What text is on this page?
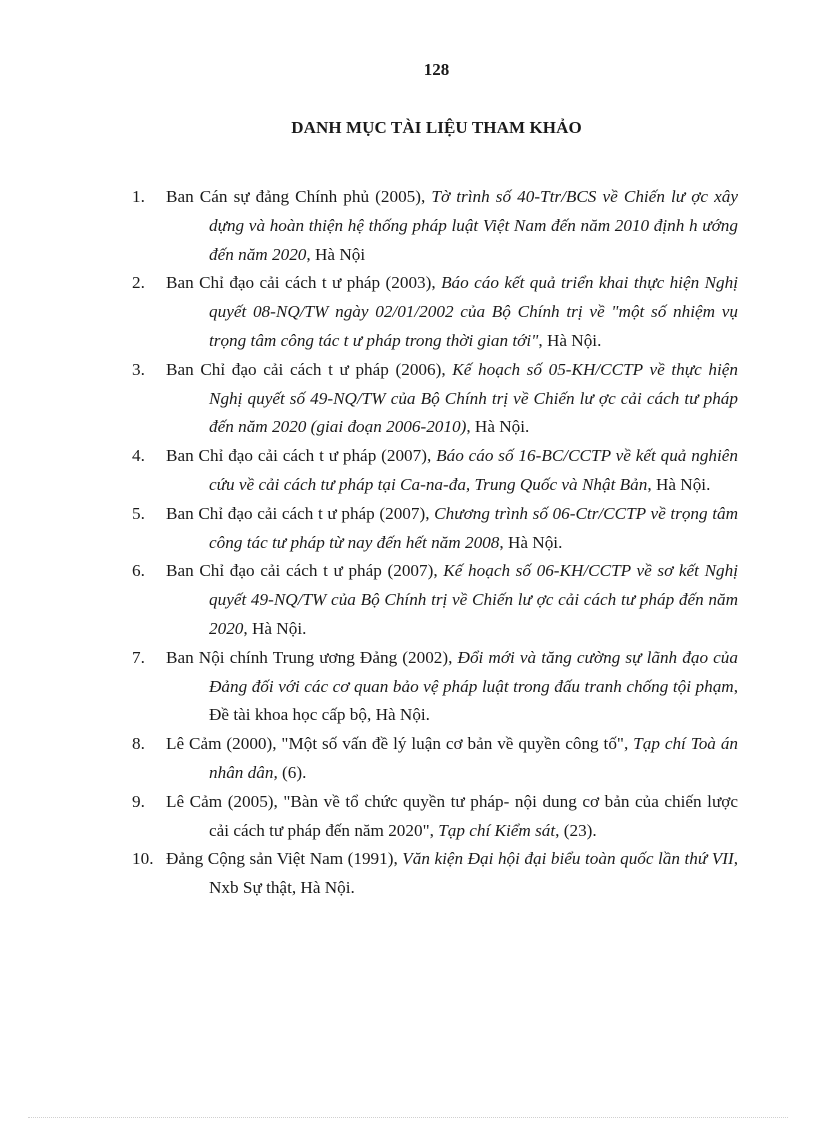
128
DANH MỤC TÀI LIỆU THAM KHẢO
1. Ban Cán sự đảng Chính phủ (2005), Tờ trình số 40-Ttr/BCS về Chiến lư ợc xây dựng và hoàn thiện hệ thống pháp luật Việt Nam đến năm 2010 định h ướng đến năm 2020, Hà Nội
2. Ban Chỉ đạo cải cách t ư pháp (2003), Báo cáo kết quả triển khai thực hiện Nghị quyết 08-NQ/TW ngày 02/01/2002 của Bộ Chính trị về "một số nhiệm vụ trọng tâm công tác t ư pháp trong thời gian tới", Hà Nội.
3. Ban Chỉ đạo cải cách t ư pháp (2006), Kế hoạch số 05-KH/CCTP về thực hiện Nghị quyết số 49-NQ/TW của Bộ Chính trị về Chiến lư ợc cải cách tư pháp đến năm 2020 (giai đoạn 2006-2010), Hà Nội.
4. Ban Chỉ đạo cải cách t ư pháp (2007), Báo cáo số 16-BC/CCTP về kết quả nghiên cứu về cải cách tư pháp tại Ca-na-đa, Trung Quốc và Nhật Bản, Hà Nội.
5. Ban Chỉ đạo cải cách t ư pháp (2007), Chương trình số 06-Ctr/CCTP về trọng tâm công tác tư pháp từ nay đến hết năm 2008, Hà Nội.
6. Ban Chỉ đạo cải cách t ư pháp (2007), Kế hoạch số 06-KH/CCTP về sơ kết Nghị quyết 49-NQ/TW của Bộ Chính trị về Chiến lư ợc cải cách tư pháp đến năm 2020, Hà Nội.
7. Ban Nội chính Trung ương Đảng (2002), Đổi mới và tăng cường sự lãnh đạo của Đảng đối với các cơ quan bảo vệ pháp luật trong đấu tranh chống tội phạm, Đề tài khoa học cấp bộ, Hà Nội.
8. Lê Cảm (2000), "Một số vấn đề lý luận cơ bản về quyền công tố", Tạp chí Toà án nhân dân, (6).
9. Lê Cảm (2005), "Bàn về tổ chức quyền tư pháp- nội dung cơ bản của chiến lược cải cách tư pháp đến năm 2020", Tạp chí Kiểm sát, (23).
10. Đảng Cộng sản Việt Nam (1991), Văn kiện Đại hội đại biểu toàn quốc lần thứ VII, Nxb Sự thật, Hà Nội.
